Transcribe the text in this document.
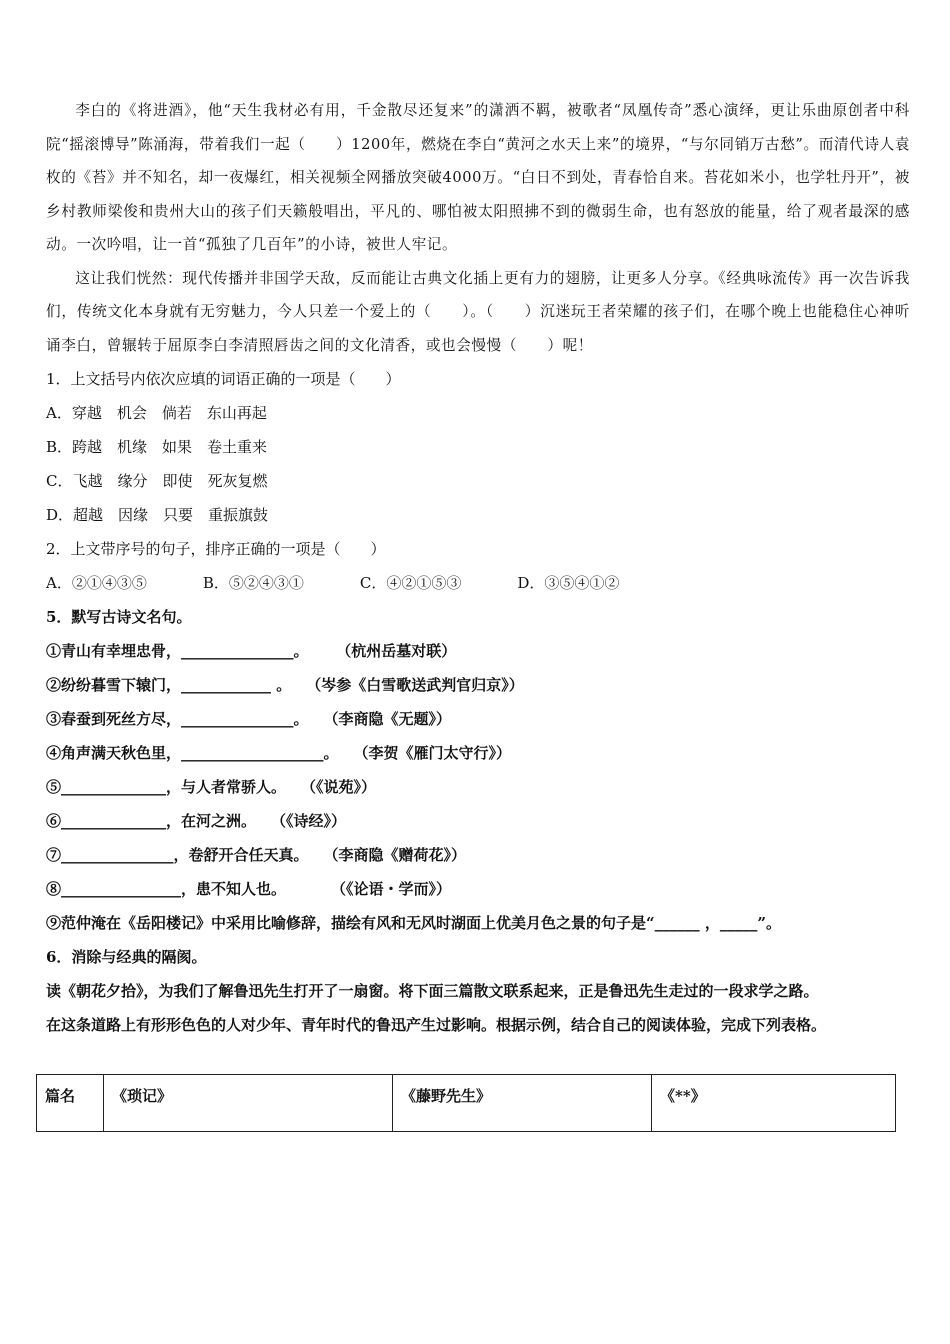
李白的《将进酒》，他“天生我材必有用，千金散尽还复来”的潇洒不羁，被歌者“凤凰传奇”悉心演绎，更让乐曲原创者中科院“摇滚博导”陈涌海，带着我们一起（　　）1200年，燃烧在李白“黄河之水天上来”的境界，“与尔同销万古愁”。而清代诗人袁枚的《苔》并不知名，却一夜爆红，相关视频全网播放突破4000万。“白日不到处，青春恰自来。苔花如米小，也学牡丹开”，被乡村教师梁俊和贵州大山的孩子们天籁般唱出，平凡的、哪怕被太阳照拂不到的微弱生命，也有怒放的能量，给了观者最深的感动。一次吟唱，让一首“孤独了几百年”的小诗，被世人牢记。

这让我们恍然：现代传播并非国学天敌，反而能让古典文化插上更有力的翅膀，让更多人分享。《经典咏流传》再一次告诉我们，传统文化本身就有无穷魅力，今人只差一个爱上的（　　）。（　　）沉迷玩王者荣耀的孩子们，在哪个晚上也能稳住心神听诵李白，曾辗转于屈原李白李清照唇齿之间的文化清香，或也会慢慢（　　）呢！

1．上文括号内依次应填的词语正确的一项是（　　）

A．穿越　机会　倘若　东山再起

B．跨越　机缘　如果　卷土重来

C．飞越　缘分　即使　死灰复燃

D．超越　因缘　只要　重振旗鼓

2．上文带序号的句子，排序正确的一项是（　　）

A．②①④③⑤	B．⑤②④③①	C．④②①⑤③	D．③⑤④①②

5．默写古诗文名句。

①青山有幸埋忠骨，_______________。　　 （杭州岳墓对联）

②纷纷暮雪下辕门，____________ 。　　（岑参《白雪歌送武判官归京》）

③春蚕到死丝方尽，_______________。　　（李商隐《无题》）

④角声满天秋色里，___________________。　　（李贺《雁门太守行》）

⑤______________，与人者常骄人。　　（《说苑》）

⑥______________，在河之洲。　　（《诗经》）

⑦_______________，卷舒开合任天真。　　（李商隐《赠荷花》）

⑧________________，患不知人也。　　　　（《论语・学而》）

⑨范仲淹在《岳阳楼记》中采用比喻修辞，描绘有风和无风时湖面上优美月色之景的句子是“______ ，_____”。

6．消除与经典的隔阂。

读《朝花夕拾》，为我们了解鲁迅先生打开了一扇窗。将下面三篇散文联系起来，正是鲁迅先生走过的一段求学之路。

在这条道路上有形形色色的人对少年、青年时代的鲁迅产生过影响。根据示例，结合自己的阅读体验，完成下列表格。

篇名	《琐记》	《藤野先生》	《**》
